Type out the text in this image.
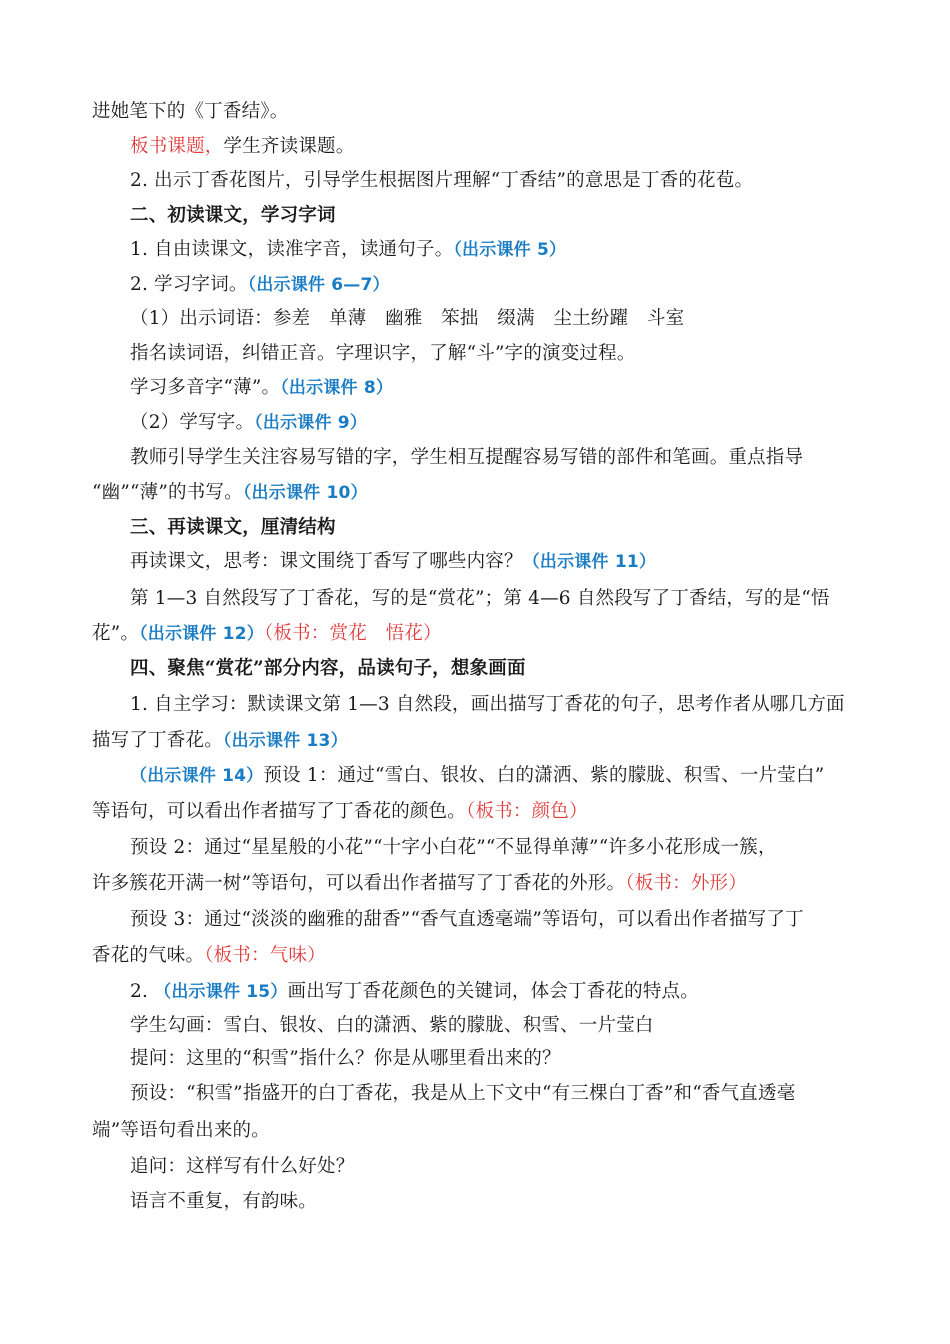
进她笔下的《丁香结》。
板书课题，学生齐读课题。
2. 出示丁香花图片，引导学生根据图片理解“丁香结”的意思是丁香的花苞。
二、初读课文，学习字词
1. 自由读课文，读准字音，读通句子。（出示课件 5）
2. 学习字词。（出示课件 6—7）
（1）出示词语：参差　单薄　幽雅　笨拙　缀满　尘土纷躍　斗室
指名读词语，纠错正音。字理识字，了解“斗”字的演变过程。
学习多音字“薄”。（出示课件 8）
（2）学写字。（出示课件 9）
教师引导学生关注容易写错的字，学生相互提醒容易写错的部件和笔画。重点指导
“幽”“薄”的书写。（出示课件 10）
三、再读课文，厘清结构
再读课文，思考：课文围绕丁香写了哪些内容？（出示课件 11）
第 1—3 自然段写了丁香花，写的是“赏花”；第 4—6 自然段写了丁香结，写的是“悟
花”。（出示课件 12）（板书：赏花　悟花）
四、聚焦“赏花”部分内容，品读句子，想象画面
1. 自主学习：默读课文第 1—3 自然段，画出描写丁香花的句子，思考作者从哪几方面
描写了丁香花。（出示课件 13）
（出示课件 14）预设 1：通过“雪白、银妆、白的潇洒、紫的朦胧、积雪、一片莹白”
等语句，可以看出作者描写了丁香花的颜色。（板书：颜色）
预设 2：通过“星星般的小花”“十字小白花”“不显得单薄”“许多小花形成一簇，
许多簇花开满一树”等语句，可以看出作者描写了丁香花的外形。（板书：外形）
预设 3：通过“淡淡的幽雅的甜香”“香气直透毫端”等语句，可以看出作者描写了丁
香花的气味。（板书：气味）
2. （出示课件 15）画出写丁香花颜色的关键词，体会丁香花的特点。
学生勾画：雪白、银妆、白的潇洒、紫的朦胧、积雪、一片莹白
提问：这里的“积雪”指什么？你是从哪里看出来的？
预设：“积雪”指盛开的白丁香花，我是从上下文中“有三棵白丁香”和“香气直透毫
端”等语句看出来的。
追问：这样写有什么好处？
语言不重复，有韵味。
